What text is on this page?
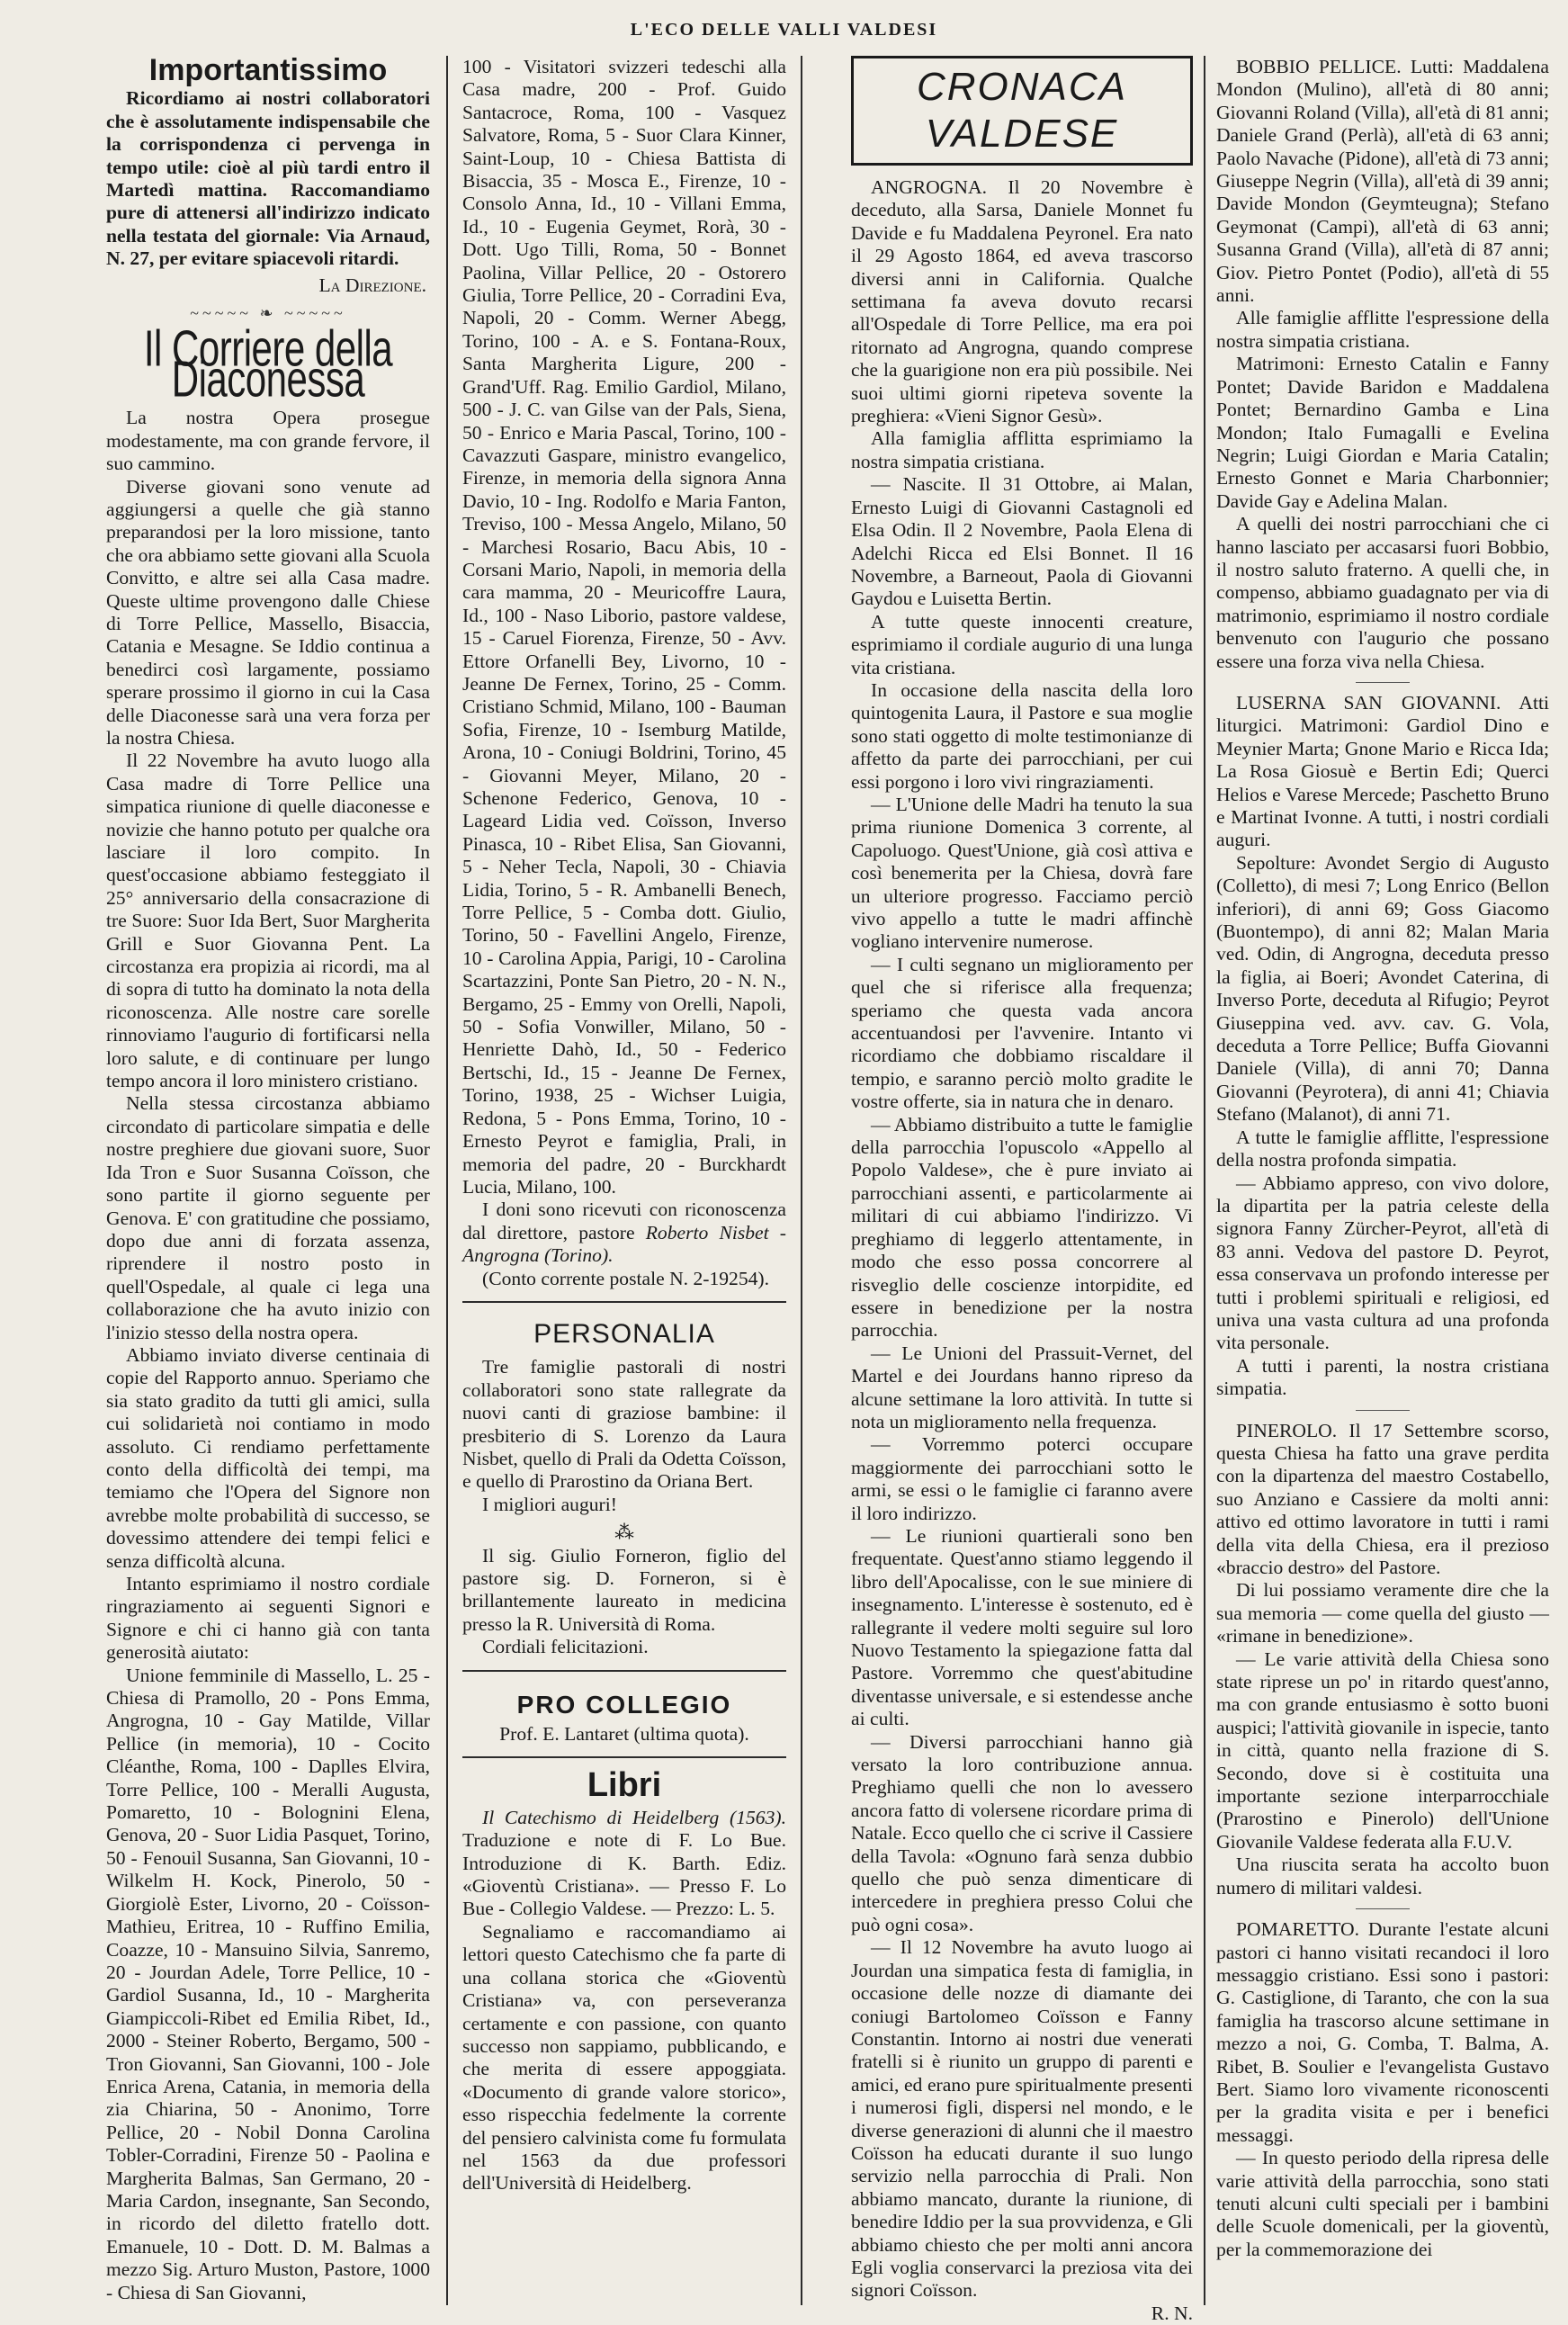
L'ECO DELLE VALLI VALDESI
Importantissimo

Ricordiamo ai nostri collaboratori che è assolutamente indispensabile che la corrispondenza ci pervenga in tempo utile: cioè al più tardi entro il Martedì mattina. Raccomandiamo pure di attenersi all'indirizzo indicato nella testata del giornale: Via Arnaud, N. 27, per evitare spiacevoli ritardi.

La Direzione.
~~~~~ ❧ ~~~~~
Il Corriere della Diaconessa

La nostra Opera prosegue modestamente, ma con grande fervore, il suo cammino.

Diverse giovani sono venute ad aggiungersi a quelle che già stanno preparandosi per la loro missione, tanto che ora abbiamo sette giovani alla Scuola Convitto, e altre sei alla Casa madre. Queste ultime provengono dalle Chiese di Torre Pellice, Massello, Bisaccia, Catania e Mesagne. Se Iddio continua a benedirci così largamente, possiamo sperare prossimo il giorno in cui la Casa delle Diaconesse sarà una vera forza per la nostra Chiesa.

Il 22 Novembre ha avuto luogo alla Casa madre di Torre Pellice una simpatica riunione di quelle diaconesse e novizie che hanno potuto per qualche ora lasciare il loro compito. In quest'occasione abbiamo festeggiato il 25° anniversario della consacrazione di tre Suore: Suor Ida Bert, Suor Margherita Grill e Suor Giovanna Pent. La circostanza era propizia ai ricordi, ma al di sopra di tutto ha dominato la nota della riconoscenza. Alle nostre care sorelle rinnoviamo l'augurio di fortificarsi nella loro salute, e di continuare per lungo tempo ancora il loro ministero cristiano.

Nella stessa circostanza abbiamo circondato di particolare simpatia e delle nostre preghiere due giovani suore, Suor Ida Tron e Suor Susanna Coïsson, che sono partite il giorno seguente per Genova. E' con gratitudine che possiamo, dopo due anni di forzata assenza, riprendere il nostro posto in quell'Ospedale, al quale ci lega una collaborazione che ha avuto inizio con l'inizio stesso della nostra opera.

Abbiamo inviato diverse centinaia di copie del Rapporto annuo. Speriamo che sia stato gradito da tutti gli amici, sulla cui solidarietà noi contiamo in modo assoluto. Ci rendiamo perfettamente conto della difficoltà dei tempi, ma temiamo che l'Opera del Signore non avrebbe molte probabilità di successo, se dovessimo attendere dei tempi felici e senza difficoltà alcuna.

Intanto esprimiamo il nostro cordiale ringraziamento ai seguenti Signori e Signore e chi ci hanno già con tanta generosità aiutato:

Unione femminile di Massello, L. 25 - Chiesa di Pramollo, 20 - Pons Emma, Angrogna, 10 - Gay Matilde, Villar Pellice (in memoria), 10 - Cocito Cléanthe, Roma, 100 - Daplles Elvira, Torre Pellice, 100 - Meralli Augusta, Pomaretto, 10 - Bolognini Elena, Genova, 20 - Suor Lidia Pasquet, Torino, 50 - Fenouil Susanna, San Giovanni, 10 - Wilkelm H. Kock, Pinerolo, 50 - Giorgiolè Ester, Livorno, 20 - Coïsson-Mathieu, Eritrea, 10 - Ruffino Emilia, Coazze, 10 - Mansuino Silvia, Sanremo, 20 - Jourdan Adele, Torre Pellice, 10 - Gardiol Susanna, Id., 10 - Margherita Giampiccoli-Ribet ed Emilia Ribet, Id., 2000 - Steiner Roberto, Bergamo, 500 - Tron Giovanni, San Giovanni, 100 - Jole Enrica Arena, Catania, in memoria della zia Chiarina, 50 - Anonimo, Torre Pellice, 20 - Nobil Donna Carolina Tobler-Corradini, Firenze 50 - Paolina e Margherita Balmas, San Germano, 20 - Maria Cardon, insegnante, San Secondo, in ricordo del diletto fratello dott. Emanuele, 10 - Dott. D. M. Balmas a mezzo Sig. Arturo Muston, Pastore, 1000 - Chiesa di San Giovanni,

100 - Visitatori svizzeri tedeschi alla Casa madre, 200 - Prof. Guido Santacroce, Roma, 100 - Vasquez Salvatore, Roma, 5 - Suor Clara Kinner, Saint-Loup, 10 - Chiesa Battista di Bisaccia, 35 - Mosca E., Firenze, 10 - Consolo Anna, Id., 10 - Villani Emma, Id., 10 - Eugenia Geymet, Rorà, 30 - Dott. Ugo Tilli, Roma, 50 - Bonnet Paolina, Villar Pellice, 20 - Ostorero Giulia, Torre Pellice, 20 - Corradini Eva, Napoli, 20 - Comm. Werner Abegg, Torino, 100 - A. e S. Fontana-Roux, Santa Margherita Ligure, 200 - Grand'Uff. Rag. Emilio Gardiol, Milano, 500 - J. C. van Gilse van der Pals, Siena, 50 - Enrico e Maria Pascal, Torino, 100 - Cavazzuti Gaspare, ministro evangelico, Firenze, in memoria della signora Anna Davio, 10 - Ing. Rodolfo e Maria Fanton, Treviso, 100 - Messa Angelo, Milano, 50 - Marchesi Rosario, Bacu Abis, 10 - Corsani Mario, Napoli, in memoria della cara mamma, 20 - Meuricoffre Laura, Id., 100 - Naso Liborio, pastore valdese, 15 - Caruel Fiorenza, Firenze, 50 - Avv. Ettore Orfanelli Bey, Livorno, 10 - Jeanne De Fernex, Torino, 25 - Comm. Cristiano Schmid, Milano, 100 - Bauman Sofia, Firenze, 10 - Isemburg Matilde, Arona, 10 - Coniugi Boldrini, Torino, 45 - Giovanni Meyer, Milano, 20 - Schenone Federico, Genova, 10 - Lageard Lidia ved. Coïsson, Inverso Pinasca, 10 - Ribet Elisa, San Giovanni, 5 - Neher Tecla, Napoli, 30 - Chiavia Lidia, Torino, 5 - R. Ambanelli Benech, Torre Pellice, 5 - Comba dott. Giulio, Torino, 50 - Favellini Angelo, Firenze, 10 - Carolina Appia, Parigi, 10 - Carolina Scartazzini, Ponte San Pietro, 20 - N. N., Bergamo, 25 - Emmy von Orelli, Napoli, 50 - Sofia Vonwiller, Milano, 50 - Henriette Dahò, Id., 50 - Federico Bertschi, Id., 15 - Jeanne De Fernex, Torino, 1938, 25 - Wichser Luigia, Redona, 5 - Pons Emma, Torino, 10 - Ernesto Peyrot e famiglia, Prali, in memoria del padre, 20 - Burckhardt Lucia, Milano, 100.

I doni sono ricevuti con riconoscenza dal direttore, pastore Roberto Nisbet - Angrogna (Torino).

(Conto corrente postale N. 2-19254).

PERSONALIA

Tre famiglie pastorali di nostri collaboratori sono state rallegrate da nuovi canti di graziose bambine: il presbiterio di S. Lorenzo da Laura Nisbet, quello di Prali da Odetta Coïsson, e quello di Prarostino da Oriana Bert.

I migliori auguri!

⁂

Il sig. Giulio Forneron, figlio del pastore sig. D. Forneron, si è brillantemente laureato in medicina presso la R. Università di Roma.

Cordiali felicitazioni.

PRO COLLEGIO

Prof. E. Lantaret (ultima quota).

Libri

Il Catechismo di Heidelberg (1563). Traduzione e note di F. Lo Bue. Introduzione di K. Barth. Ediz. «Gioventù Cristiana». — Presso F. Lo Bue - Collegio Valdese. — Prezzo: L. 5.

Segnaliamo e raccomandiamo ai lettori questo Catechismo che fa parte di una collana storica che «Gioventù Cristiana» va, con perseveranza certamente e con passione, con quanto successo non sappiamo, pubblicando, e che merita di essere appoggiata. «Documento di grande valore storico», esso rispecchia fedelmente la corrente del pensiero calvinista come fu formulata nel 1563 da due professori dell'Università di Heidelberg.

CRONACA VALDESE

ANGROGNA. Il 20 Novembre è deceduto, alla Sarsa, Daniele Monnet fu Davide e fu Maddalena Peyronel. Era nato il 29 Agosto 1864, ed aveva trascorso diversi anni in California. Qualche settimana fa aveva dovuto recarsi all'Ospedale di Torre Pellice, ma era poi ritornato ad Angrogna, quando comprese che la guarigione non era più possibile. Nei suoi ultimi giorni ripeteva sovente la preghiera: «Vieni Signor Gesù».

Alla famiglia afflitta esprimiamo la nostra simpatia cristiana.

— Nascite. Il 31 Ottobre, ai Malan, Ernesto Luigi di Giovanni Castagnoli ed Elsa Odin. Il 2 Novembre, Paola Elena di Adelchi Ricca ed Elsi Bonnet. Il 16 Novembre, a Barneout, Paola di Giovanni Gaydou e Luisetta Bertin.

A tutte queste innocenti creature, esprimiamo il cordiale augurio di una lunga vita cristiana.

In occasione della nascita della loro quintogenita Laura, il Pastore e sua moglie sono stati oggetto di molte testimonianze di affetto da parte dei parrocchiani, per cui essi porgono i loro vivi ringraziamenti.

— L'Unione delle Madri ha tenuto la sua prima riunione Domenica 3 corrente, al Capoluogo. Quest'Unione, già così attiva e così benemerita per la Chiesa, dovrà fare un ulteriore progresso. Facciamo perciò vivo appello a tutte le madri affinchè vogliano intervenire numerose.

— I culti segnano un miglioramento per quel che si riferisce alla frequenza; speriamo che questa vada ancora accentuandosi per l'avvenire. Intanto vi ricordiamo che dobbiamo riscaldare il tempio, e saranno perciò molto gradite le vostre offerte, sia in natura che in denaro.

— Abbiamo distribuito a tutte le famiglie della parrocchia l'opuscolo «Appello al Popolo Valdese», che è pure inviato ai parrocchiani assenti, e particolarmente ai militari di cui abbiamo l'indirizzo. Vi preghiamo di leggerlo attentamente, in modo che esso possa concorrere al risveglio delle coscienze intorpidite, ed essere in benedizione per la nostra parrocchia.

— Le Unioni del Prassuit-Vernet, del Martel e dei Jourdans hanno ripreso da alcune settimane la loro attività. In tutte si nota un miglioramento nella frequenza.

— Vorremmo poterci occupare maggiormente dei parrocchiani sotto le armi, se essi o le famiglie ci faranno avere il loro indirizzo.

— Le riunioni quartierali sono ben frequentate. Quest'anno stiamo leggendo il libro dell'Apocalisse, con le sue miniere di insegnamento. L'interesse è sostenuto, ed è rallegrante il vedere molti seguire sul loro Nuovo Testamento la spiegazione fatta dal Pastore. Vorremmo che quest'abitudine diventasse universale, e si estendesse anche ai culti.

— Diversi parrocchiani hanno già versato la loro contribuzione annua. Preghiamo quelli che non lo avessero ancora fatto di volersene ricordare prima di Natale. Ecco quello che ci scrive il Cassiere della Tavola: «Ognuno farà senza dubbio quello che può senza dimenticare di intercedere in preghiera presso Colui che può ogni cosa».

— Il 12 Novembre ha avuto luogo ai Jourdan una simpatica festa di famiglia, in occasione delle nozze di diamante dei coniugi Bartolomeo Coïsson e Fanny Constantin. Intorno ai nostri due venerati fratelli si è riunito un gruppo di parenti e amici, ed erano pure spiritualmente presenti i numerosi figli, dispersi nel mondo, e le diverse generazioni di alunni che il maestro Coïsson ha educati durante il suo lungo servizio nella parrocchia di Prali. Non abbiamo mancato, durante la riunione, di benedire Iddio per la sua provvidenza, e Gli abbiamo chiesto che per molti anni ancora Egli voglia conservarci la preziosa vita dei signori Coïsson.

R. N.

BOBBIO PELLICE. Lutti: Maddalena Mondon (Mulino), all'età di 80 anni; Giovanni Roland (Villa), all'età di 81 anni; Daniele Grand (Perlà), all'età di 63 anni; Paolo Navache (Pidone), all'età di 73 anni; Giuseppe Negrin (Villa), all'età di 39 anni; Davide Mondon (Geymteugna); Stefano Geymonat (Campi), all'età di 63 anni; Susanna Grand (Villa), all'età di 87 anni; Giov. Pietro Pontet (Podio), all'età di 55 anni.

Alle famiglie afflitte l'espressione della nostra simpatia cristiana.

Matrimoni: Ernesto Catalin e Fanny Pontet; Davide Baridon e Maddalena Pontet; Bernardino Gamba e Lina Mondon; Italo Fumagalli e Evelina Negrin; Luigi Giordan e Maria Catalin; Ernesto Gonnet e Maria Charbonnier; Davide Gay e Adelina Malan.

A quelli dei nostri parrocchiani che ci hanno lasciato per accasarsi fuori Bobbio, il nostro saluto fraterno. A quelli che, in compenso, abbiamo guadagnato per via di matrimonio, esprimiamo il nostro cordiale benvenuto con l'augurio che possano essere una forza viva nella Chiesa.

LUSERNA SAN GIOVANNI. Atti liturgici. Matrimoni: Gardiol Dino e Meynier Marta; Gnone Mario e Ricca Ida; La Rosa Giosuè e Bertin Edi; Querci Helios e Varese Mercede; Paschetto Bruno e Martinat Ivonne. A tutti, i nostri cordiali auguri.

Sepolture: Avondet Sergio di Augusto (Colletto), di mesi 7; Long Enrico (Bellon inferiori), di anni 69; Goss Giacomo (Buontempo), di anni 82; Malan Maria ved. Odin, di Angrogna, deceduta presso la figlia, ai Boeri; Avondet Caterina, di Inverso Porte, deceduta al Rifugio; Peyrot Giuseppina ved. avv. cav. G. Vola, deceduta a Torre Pellice; Buffa Giovanni Daniele (Villa), di anni 70; Danna Giovanni (Peyrotera), di anni 41; Chiavia Stefano (Malanot), di anni 71.

A tutte le famiglie afflitte, l'espressione della nostra profonda simpatia.

— Abbiamo appreso, con vivo dolore, la dipartita per la patria celeste della signora Fanny Zürcher-Peyrot, all'età di 83 anni. Vedova del pastore D. Peyrot, essa conservava un profondo interesse per tutti i problemi spirituali e religiosi, ed univa una vasta cultura ad una profonda vita personale.

A tutti i parenti, la nostra cristiana simpatia.

PINEROLO. Il 17 Settembre scorso, questa Chiesa ha fatto una grave perdita con la dipartenza del maestro Costabello, suo Anziano e Cassiere da molti anni: attivo ed ottimo lavoratore in tutti i rami della vita della Chiesa, era il prezioso «braccio destro» del Pastore.

Di lui possiamo veramente dire che la sua memoria — come quella del giusto — «rimane in benedizione».

— Le varie attività della Chiesa sono state riprese un po' in ritardo quest'anno, ma con grande entusiasmo è sotto buoni auspici; l'attività giovanile in ispecie, tanto in città, quanto nella frazione di S. Secondo, dove si è costituita una importante sezione interparrocchiale (Prarostino e Pinerolo) dell'Unione Giovanile Valdese federata alla F.U.V.

Una riuscita serata ha accolto buon numero di militari valdesi.

POMARETTO. Durante l'estate alcuni pastori ci hanno visitati recandoci il loro messaggio cristiano. Essi sono i pastori: G. Castiglione, di Taranto, che con la sua famiglia ha trascorso alcune settimane in mezzo a noi, G. Comba, T. Balma, A. Ribet, B. Soulier e l'evangelista Gustavo Bert. Siamo loro vivamente riconoscenti per la gradita visita e per i benefici messaggi.

— In questo periodo della ripresa delle varie attività della parrocchia, sono stati tenuti alcuni culti speciali per i bambini delle Scuole domenicali, per la gioventù, per la commemorazione dei
